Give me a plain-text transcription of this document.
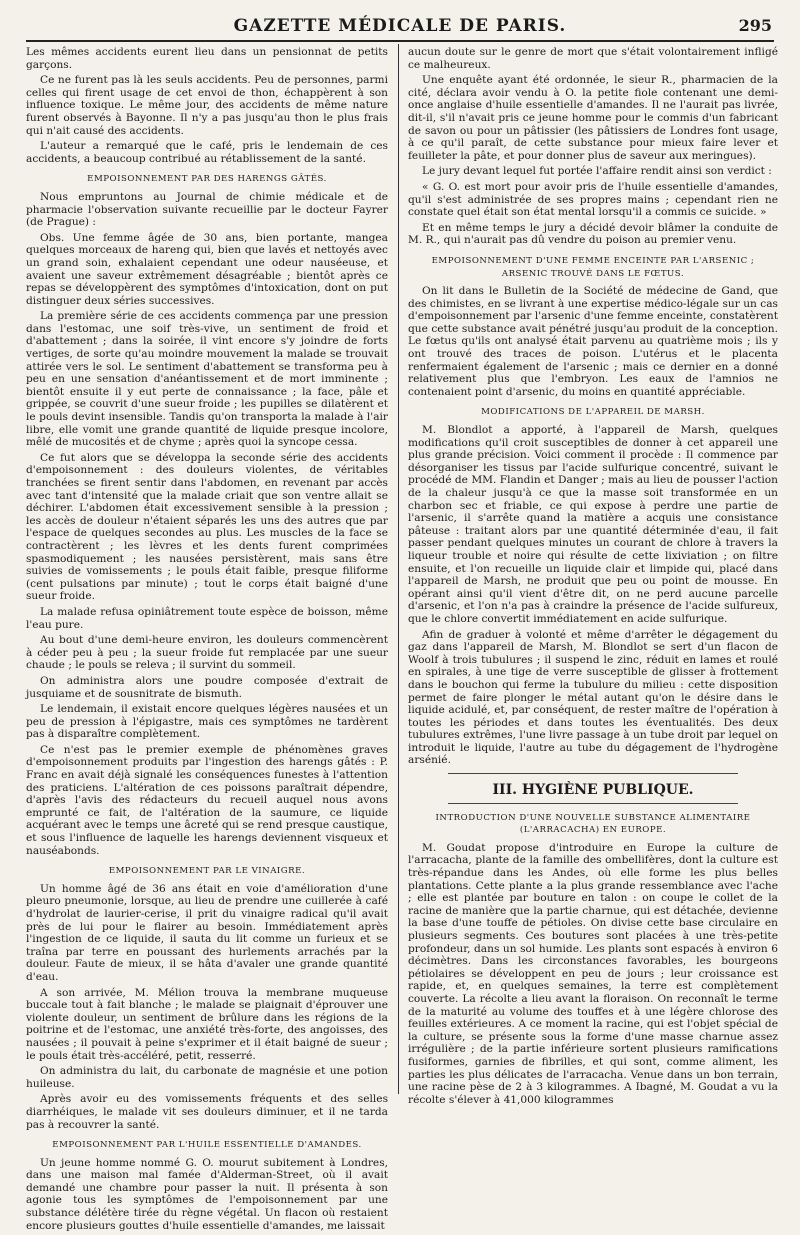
GAZETTE MÉDICALE DE PARIS.	295

Les mêmes accidents eurent lieu dans un pensionnat de petits garçons.

Ce ne furent pas là les seuls accidents. Peu de personnes, parmi celles qui firent usage de cet envoi de thon, échappèrent à son influence toxique. Le même jour, des accidents de même nature furent observés à Bayonne. Il n'y a pas jusqu'au thon le plus frais qui n'ait causé des accidents.

L'auteur a remarqué que le café, pris le lendemain de ces accidents, a beaucoup contribué au rétablissement de la santé.

EMPOISONNEMENT PAR DES HARENGS GÂTÉS.

Nous empruntons au Journal de chimie médicale et de pharmacie l'observation suivante recueillie par le docteur Fayrer (de Prague) :

Obs. Une femme âgée de 30 ans, bien portante, mangea quelques morceaux de hareng qui, bien que lavés et nettoyés avec un grand soin, exhalaient cependant une odeur nauséeuse, et avaient une saveur extrêmement désagréable ; bientôt après ce repas se développèrent des symptômes d'intoxication, dont on put distinguer deux séries successives.

La première série de ces accidents commença par une pression dans l'estomac, une soif très-vive, un sentiment de froid et d'abattement ; dans la soirée, il vint encore s'y joindre de forts vertiges, de sorte qu'au moindre mouvement la malade se trouvait attirée vers le sol. Le sentiment d'abattement se transforma peu à peu en une sensation d'anéantissement et de mort imminente ; bientôt ensuite il y eut perte de connaissance ; la face, pâle et grippée, se couvrit d'une sueur froide ; les pupilles se dilatèrent et le pouls devint insensible. Tandis qu'on transporta la malade à l'air libre, elle vomit une grande quantité de liquide presque incolore, mêlé de mucosités et de chyme ; après quoi la syncope cessa.

Ce fut alors que se développa la seconde série des accidents d'empoisonnement : des douleurs violentes, de véritables tranchées se firent sentir dans l'abdomen, en revenant par accès avec tant d'intensité que la malade criait que son ventre allait se déchirer. L'abdomen était excessivement sensible à la pression ; les accès de douleur n'étaient séparés les uns des autres que par l'espace de quelques secondes au plus. Les muscles de la face se contractèrent ; les lèvres et les dents furent comprimées spasmodiquement ; les nausées persistèrent, mais sans être suivies de vomissements ; le pouls était faible, presque filiforme (cent pulsations par minute) ; tout le corps était baigné d'une sueur froide.

La malade refusa opiniâtrement toute espèce de boisson, même l'eau pure.

Au bout d'une demi-heure environ, les douleurs commencèrent à céder peu à peu ; la sueur froide fut remplacée par une sueur chaude ; le pouls se releva ; il survint du sommeil.

On administra alors une poudre composée d'extrait de jusquiame et de sousnitrate de bismuth.

Le lendemain, il existait encore quelques légères nausées et un peu de pression à l'épigastre, mais ces symptômes ne tardèrent pas à disparaître complètement.

Ce n'est pas le premier exemple de phénomènes graves d'empoisonnement produits par l'ingestion des harengs gâtés : P. Franc en avait déjà signalé les conséquences funestes à l'attention des praticiens. L'altération de ces poissons paraîtrait dépendre, d'après l'avis des rédacteurs du recueil auquel nous avons emprunté ce fait, de l'altération de la saumure, ce liquide acquérant avec le temps une âcreté qui se rend presque caustique, et sous l'influence de laquelle les harengs deviennent visqueux et nauséabonds.

EMPOISONNEMENT PAR LE VINAIGRE.

Un homme âgé de 36 ans était en voie d'amélioration d'une pleuro pneumonie, lorsque, au lieu de prendre une cuillerée à café d'hydrolat de laurier-cerise, il prit du vinaigre radical qu'il avait près de lui pour le flairer au besoin. Immédiatement après l'ingestion de ce liquide, il sauta du lit comme un furieux et se traîna par terre en poussant des hurlements arrachés par la douleur. Faute de mieux, il se hâta d'avaler une grande quantité d'eau.

A son arrivée, M. Mélion trouva la membrane muqueuse buccale tout à fait blanche ; le malade se plaignait d'éprouver une violente douleur, un sentiment de brûlure dans les régions de la poitrine et de l'estomac, une anxiété très-forte, des angoisses, des nausées ; il pouvait à peine s'exprimer et il était baigné de sueur ; le pouls était très-accéléré, petit, resserré.

On administra du lait, du carbonate de magnésie et une potion huileuse.

Après avoir eu des vomissements fréquents et des selles diarrhéiques, le malade vit ses douleurs diminuer, et il ne tarda pas à recouvrer la santé.

EMPOISONNEMENT PAR L'HUILE ESSENTIELLE D'AMANDES.

Un jeune homme nommé G. O. mourut subitement à Londres, dans une maison mal famée d'Alderman-Street, où il avait demandé une chambre pour passer la nuit. Il présenta à son agonie tous les symptômes de l'empoisonnement par une substance délétère tirée du règne végétal. Un flacon où restaient encore plusieurs gouttes d'huile essentielle d'amandes, me laissait

aucun doute sur le genre de mort que s'était volontairement infligé ce malheureux.

Une enquête ayant été ordonnée, le sieur R., pharmacien de la cité, déclara avoir vendu à O. la petite fiole contenant une demi-once anglaise d'huile essentielle d'amandes. Il ne l'aurait pas livrée, dit-il, s'il n'avait pris ce jeune homme pour le commis d'un fabricant de savon ou pour un pâtissier (les pâtissiers de Londres font usage, à ce qu'il paraît, de cette substance pour mieux faire lever et feuilleter la pâte, et pour donner plus de saveur aux meringues).

Le jury devant lequel fut portée l'affaire rendit ainsi son verdict :

« G. O. est mort pour avoir pris de l'huile essentielle d'amandes, qu'il s'est administrée de ses propres mains ; cependant rien ne constate quel était son état mental lorsqu'il a commis ce suicide. »

Et en même temps le jury a décidé devoir blâmer la conduite de M. R., qui n'aurait pas dû vendre du poison au premier venu.

EMPOISONNEMENT D'UNE FEMME ENCEINTE PAR L'ARSENIC ; ARSENIC TROUVÉ DANS LE FŒTUS.

On lit dans le Bulletin de la Société de médecine de Gand, que des chimistes, en se livrant à une expertise médico-légale sur un cas d'empoisonnement par l'arsenic d'une femme enceinte, constatèrent que cette substance avait pénétré jusqu'au produit de la conception. Le fœtus qu'ils ont analysé était parvenu au quatrième mois ; ils y ont trouvé des traces de poison. L'utérus et le placenta renfermaient également de l'arsenic ; mais ce dernier en a donné relativement plus que l'embryon. Les eaux de l'amnios ne contenaient point d'arsenic, du moins en quantité appréciable.

MODIFICATIONS DE L'APPAREIL DE MARSH.

M. Blondlot a apporté, à l'appareil de Marsh, quelques modifications qu'il croit susceptibles de donner à cet appareil une plus grande précision. Voici comment il procède : Il commence par désorganiser les tissus par l'acide sulfurique concentré, suivant le procédé de MM. Flandin et Danger ; mais au lieu de pousser l'action de la chaleur jusqu'à ce que la masse soit transformée en un charbon sec et friable, ce qui expose à perdre une partie de l'arsenic, il s'arrête quand la matière a acquis une consistance pâteuse : traitant alors par une quantité déterminée d'eau, il fait passer pendant quelques minutes un courant de chlore à travers la liqueur trouble et noire qui résulte de cette lixiviation ; on filtre ensuite, et l'on recueille un liquide clair et limpide qui, placé dans l'appareil de Marsh, ne produit que peu ou point de mousse. En opérant ainsi qu'il vient d'être dit, on ne perd aucune parcelle d'arsenic, et l'on n'a pas à craindre la présence de l'acide sulfureux, que le chlore convertit immédiatement en acide sulfurique.

Afin de graduer à volonté et même d'arrêter le dégagement du gaz dans l'appareil de Marsh, M. Blondlot se sert d'un flacon de Woolf à trois tubulures ; il suspend le zinc, réduit en lames et roulé en spirales, à une tige de verre susceptible de glisser à frottement dans le bouchon qui ferme la tubulure du milieu : cette disposition permet de faire plonger le métal autant qu'on le désire dans le liquide acidulé, et, par conséquent, de rester maître de l'opération à toutes les périodes et dans toutes les éventualités. Des deux tubulures extrêmes, l'une livre passage à un tube droit par lequel on introduit le liquide, l'autre au tube du dégagement de l'hydrogène arsénié.

III. HYGIÈNE PUBLIQUE.
INTRODUCTION D'UNE NOUVELLE SUBSTANCE ALIMENTAIRE (L'ARRACACHA) EN EUROPE.

M. Goudat propose d'introduire en Europe la culture de l'arracacha, plante de la famille des ombellifères, dont la culture est très-répandue dans les Andes, où elle forme les plus belles plantations. Cette plante a la plus grande ressemblance avec l'ache ; elle est plantée par bouture en talon : on coupe le collet de la racine de manière que la partie charnue, qui est détachée, devienne la base d'une touffe de pétioles. On divise cette base circulaire en plusieurs segments. Ces boutures sont placées à une très-petite profondeur, dans un sol humide. Les plants sont espacés à environ 6 décimètres. Dans les circonstances favorables, les bourgeons pétiolaires se développent en peu de jours ; leur croissance est rapide, et, en quelques semaines, la terre est complètement couverte. La récolte a lieu avant la floraison. On reconnaît le terme de la maturité au volume des touffes et à une légère chlorose des feuilles extérieures. A ce moment la racine, qui est l'objet spécial de la culture, se présente sous la forme d'une masse charnue assez irrégulière ; de la partie inférieure sortent plusieurs ramifications fusiformes, garnies de fibrilles, et qui sont, comme aliment, les parties les plus délicates de l'arracacha. Venue dans un bon terrain, une racine pèse de 2 à 3 kilogrammes. A Ibagné, M. Goudat a vu la récolte s'élever à 41,000 kilogrammes
